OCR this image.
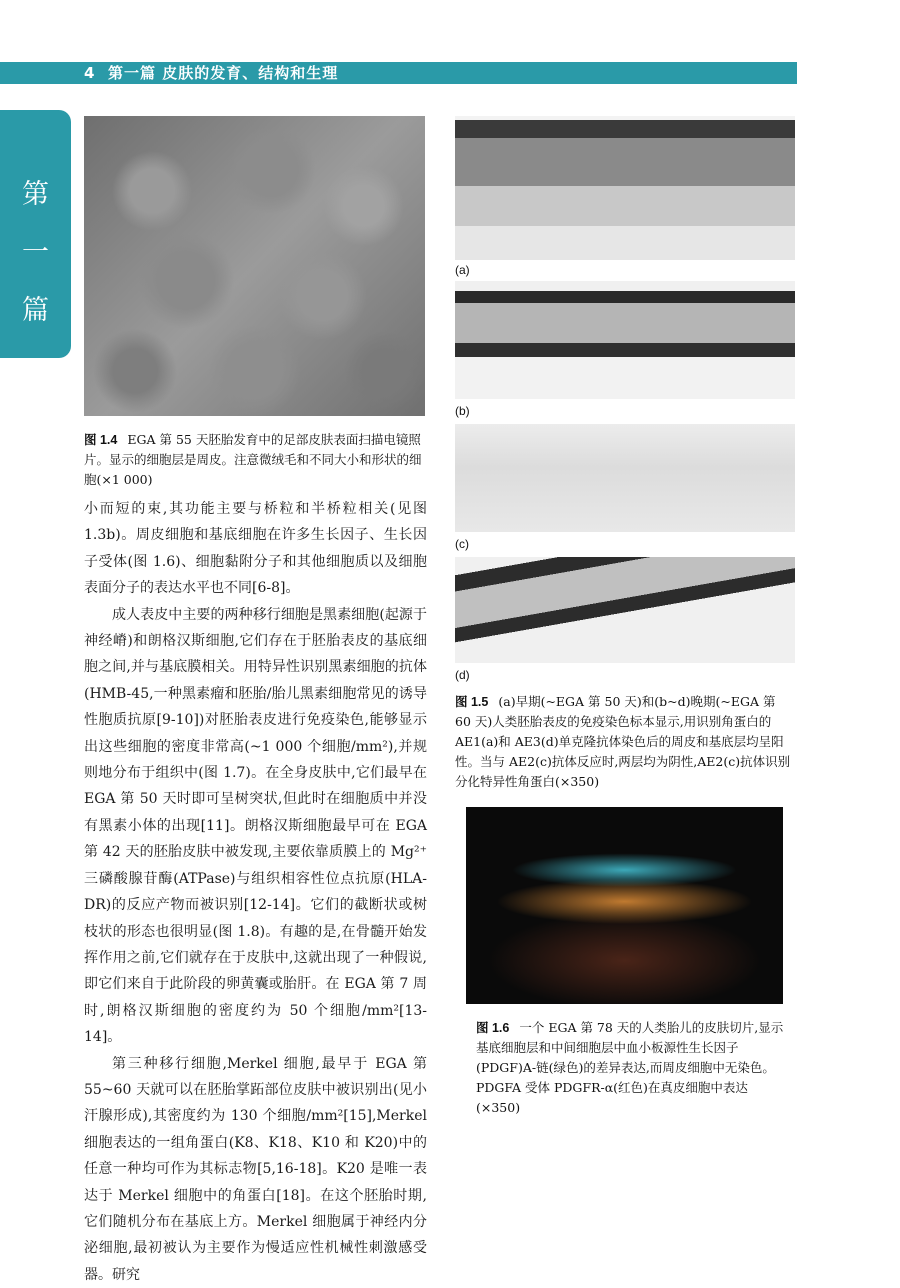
4 第一篇 皮肤的发育、结构和生理
第
一
篇
图 1.4 EGA 第 55 天胚胎发育中的足部皮肤表面扫描电镜照片。显示的细胞层是周皮。注意微绒毛和不同大小和形状的细胞(×1 000)
(a)
(b)
(c)
(d)
图 1.5 (a)早期(~EGA 第 50 天)和(b~d)晚期(~EGA 第 60 天)人类胚胎表皮的免疫染色标本显示,用识别角蛋白的 AE1(a)和 AE3(d)单克隆抗体染色后的周皮和基底层均呈阳性。当与 AE2(c)抗体反应时,两层均为阴性,AE2(c)抗体识别分化特异性角蛋白(×350)
图 1.6 一个 EGA 第 78 天的人类胎儿的皮肤切片,显示基底细胞层和中间细胞层中血小板源性生长因子(PDGF)A-链(绿色)的差异表达,而周皮细胞中无染色。PDGFA 受体 PDGFR-α(红色)在真皮细胞中表达(×350)

小而短的束,其功能主要与桥粒和半桥粒相关(见图 1.3b)。周皮细胞和基底细胞在许多生长因子、生长因子受体(图 1.6)、细胞黏附分子和其他细胞质以及细胞表面分子的表达水平也不同[6-8]。

成人表皮中主要的两种移行细胞是黑素细胞(起源于神经嵴)和朗格汉斯细胞,它们存在于胚胎表皮的基底细胞之间,并与基底膜相关。用特异性识别黑素细胞的抗体(HMB-45,一种黑素瘤和胚胎/胎儿黑素细胞常见的诱导性胞质抗原[9-10])对胚胎表皮进行免疫染色,能够显示出这些细胞的密度非常高(~1 000 个细胞/mm²),并规则地分布于组织中(图 1.7)。在全身皮肤中,它们最早在 EGA 第 50 天时即可呈树突状,但此时在细胞质中并没有黑素小体的出现[11]。朗格汉斯细胞最早可在 EGA 第 42 天的胚胎皮肤中被发现,主要依靠质膜上的 Mg²⁺三磷酸腺苷酶(ATPase)与组织相容性位点抗原(HLA-DR)的反应产物而被识别[12-14]。它们的截断状或树枝状的形态也很明显(图 1.8)。有趣的是,在骨髓开始发挥作用之前,它们就存在于皮肤中,这就出现了一种假说,即它们来自于此阶段的卵黄囊或胎肝。在 EGA 第 7 周时,朗格汉斯细胞的密度约为 50 个细胞/mm²[13-14]。

第三种移行细胞,Merkel 细胞,最早于 EGA 第 55~60 天就可以在胚胎掌跖部位皮肤中被识别出(见小汗腺形成),其密度约为 130 个细胞/mm²[15],Merkel 细胞表达的一组角蛋白(K8、K18、K10 和 K20)中的任意一种均可作为其标志物[5,16-18]。K20 是唯一表达于 Merkel 细胞中的角蛋白[18]。在这个胚胎时期,它们随机分布在基底上方。Merkel 细胞属于神经内分泌细胞,最初被认为主要作为慢适应性机械性刺激感受器。研究
